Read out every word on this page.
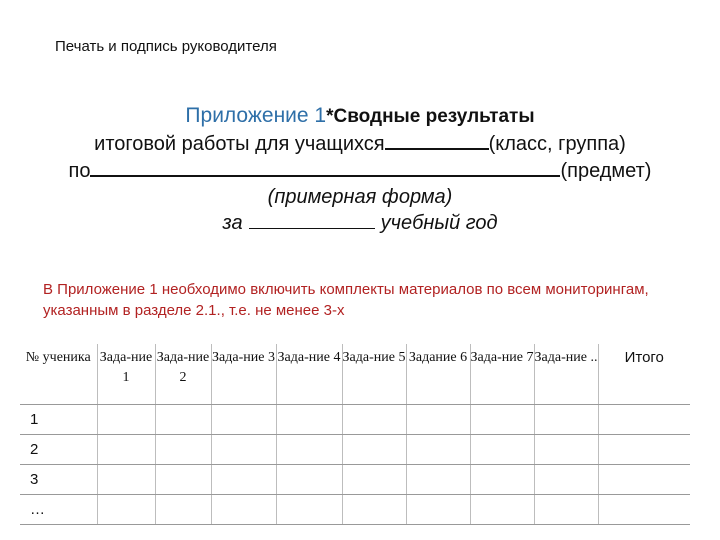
Печать и подпись руководителя
Приложение 1*Сводные результаты
итоговой работы для учащихся	(класс, группа)
по	(предмет)
(примерная форма)
за	учебный год
В Приложение 1 необходимо включить комплекты материалов по всем мониторингам, указанным в разделе 2.1., т.е. не менее 3-х
№ ученика	Зада-ние 1	Зада-ние 2	Зада-ние 3	Зада-ние 4	Зада-ние 5	Задание 6	Зада-ние 7	Зада-ние ..	Итого
1									
2									
3									
…									
